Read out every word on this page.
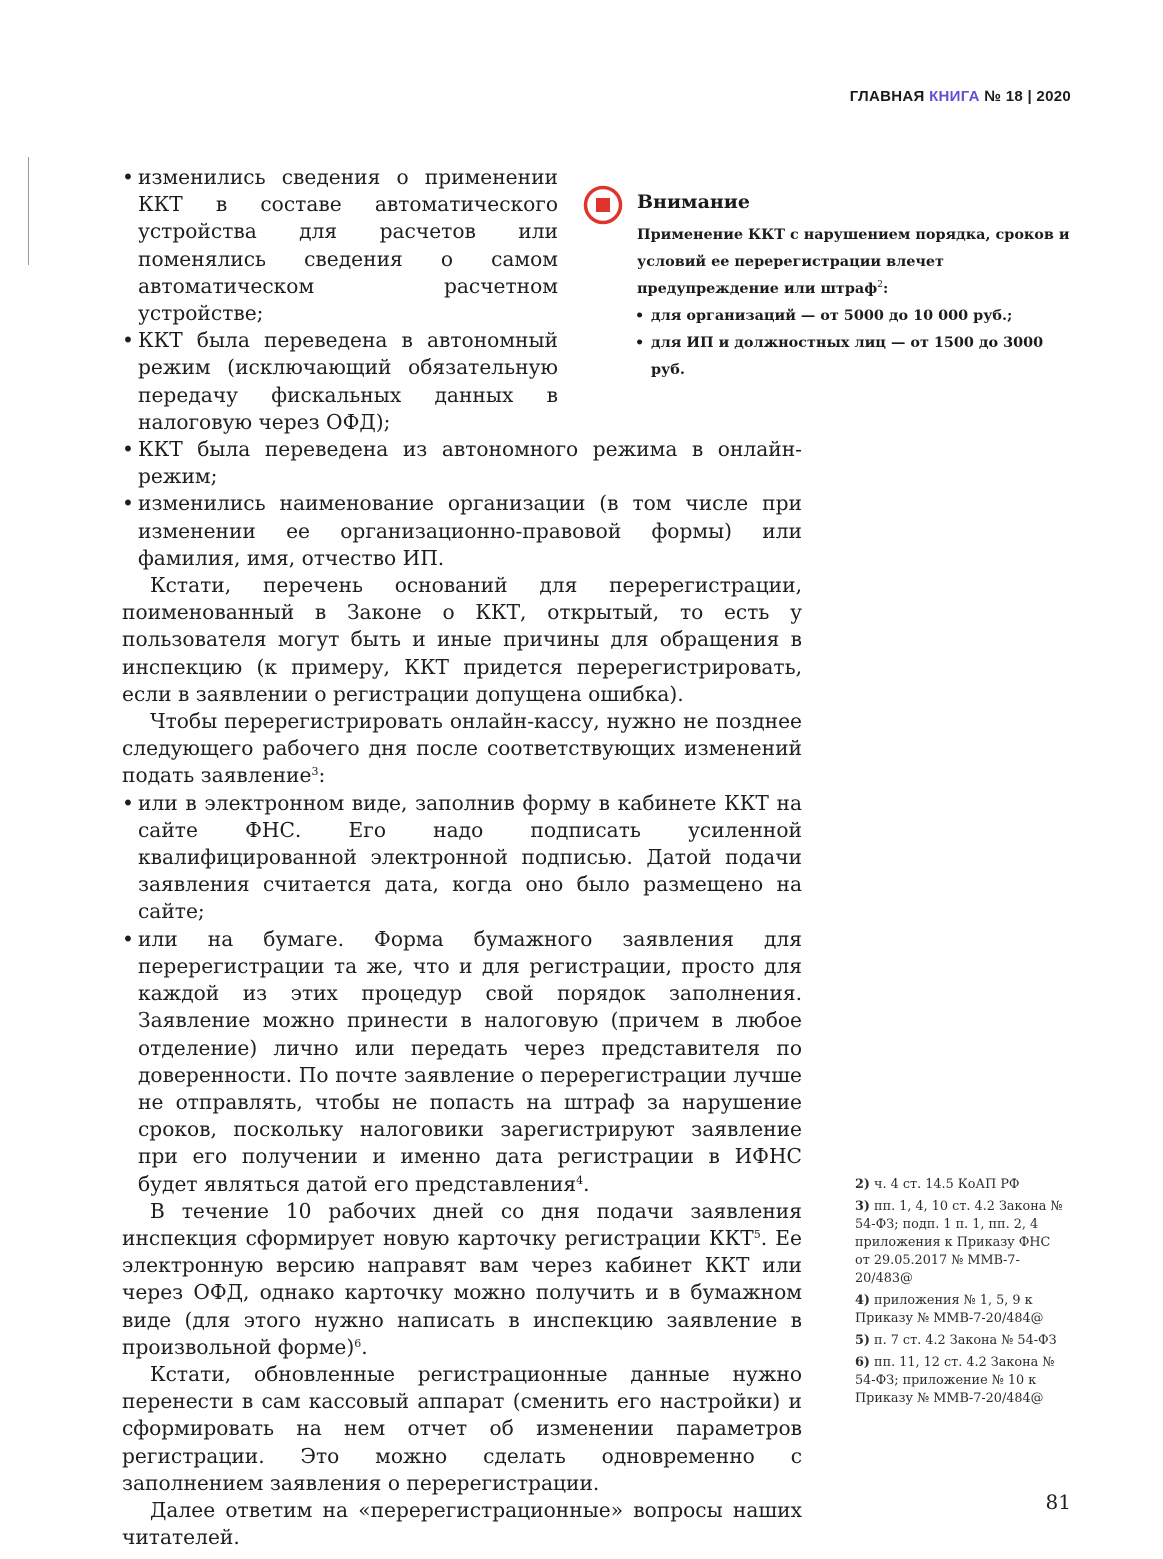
ГЛАВНАЯ КНИГА № 18 | 2020
• изменились сведения о применении ККТ в составе автоматического устройства для расчетов или поменялись сведения о самом автоматическом расчетном устройстве;
• ККТ была переведена в автономный режим (исключающий обязательную передачу фискальных данных в налоговую через ОФД);
• ККТ была переведена из автономного режима в онлайн-режим;
• изменились наименование организации (в том числе при изменении ее организационно-правовой формы) или фамилия, имя, отчество ИП.

Кстати, перечень оснований для перерегистрации, поименованный в Законе о ККТ, открытый, то есть у пользователя могут быть и иные причины для обращения в инспекцию (к примеру, ККТ придется перерегистрировать, если в заявлении о регистрации допущена ошибка).

Чтобы перерегистрировать онлайн-кассу, нужно не позднее следующего рабочего дня после соответствующих изменений подать заявление$^3$:

• или в электронном виде, заполнив форму в кабинете ККТ на сайте ФНС. Его надо подписать усиленной квалифицированной электронной подписью. Датой подачи заявления считается дата, когда оно было размещено на сайте;
• или на бумаге. Форма бумажного заявления для перерегистрации та же, что и для регистрации, просто для каждой из этих процедур свой порядок заполнения. Заявление можно принести в налоговую (причем в любое отделение) лично или передать через представителя по доверенности. По почте заявление о перерегистрации лучше не отправлять, чтобы не попасть на штраф за нарушение сроков, поскольку налоговики зарегистрируют заявление при его получении и именно дата регистрации в ИФНС будет являться датой его представления$^4$.

В течение 10 рабочих дней со дня подачи заявления инспекция сформирует новую карточку регистрации ККТ$^5$. Ее электронную версию направят вам через кабинет ККТ или через ОФД, однако карточку можно получить и в бумажном виде (для этого нужно написать в инспекцию заявление в произвольной форме)$^6$.

Кстати, обновленные регистрационные данные нужно перенести в сам кассовый аппарат (сменить его настройки) и сформировать на нем отчет об изменении параметров регистрации. Это можно сделать одновременно с заполнением заявления о перерегистрации.

Далее ответим на «перерегистрационные» вопросы наших читателей.

Внимание

Применение ККТ с нарушением порядка, сроков и условий ее перерегистрации влечет предупреждение или штраф$^2$:

• для организаций — от 5000 до 10 000 руб.;
• для ИП и должностных лиц — от 1500 до 3000 руб.
2) ч. 4 ст. 14.5 КоАП РФ
3) пп. 1, 4, 10 ст. 4.2 Закона № 54-ФЗ; подп. 1 п. 1, пп. 2, 4 приложения к Приказу ФНС от 29.05.2017 № ММВ-7-20/483@
4) приложения № 1, 5, 9 к Приказу № ММВ-7-20/484@
5) п. 7 ст. 4.2 Закона № 54-ФЗ
6) пп. 11, 12 ст. 4.2 Закона № 54-ФЗ; приложение № 10 к Приказу № ММВ-7-20/484@
81
